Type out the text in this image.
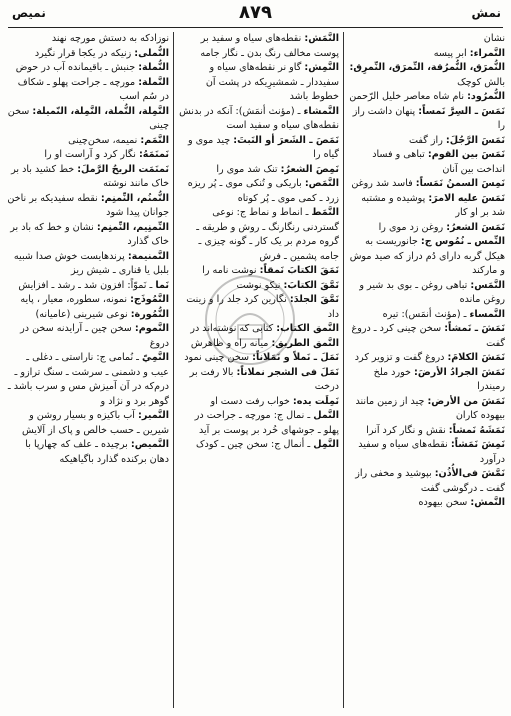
نمش
۸۷۹
نمیص
نشان
النَّمراء: ابر پیسه
النُّمرَق، النُّمرُقة، النِّمرَق، النِّمرِق: بالش کوچک
النُّمرُود: نام شاه معاصر خلیل الرّحمن
نَمَسَ ـ السِرَّ نَمساً: پنهان داشت راز را
نَمَسَ الرَّجُلَ: راز گفت
نَمَسَ بين القوم: تباهی و فساد انداخت بین آنان
نَمِسَ السمنُ نَمَساً: فاسد شد روغن
نَمَسَ عليه الامرَ: پوشیده و مشتبه شد بر او کار
نَمَسَ الشعرُ: روغن زد موی را
النِّمس ـ نُمُوس ج: جانوریست به هیکل گربه دارای دُم دراز که صید موش و مارکند
النَّمَس: تباهی روغن ـ بوی بد شیر و روغن مانده
النَّمساء ـ (مؤنث أنمَس): تیره
نَمَشَ ـ نَمشاً: سخن چینی کرد ـ دروغ گفت
نَمَشَ الكلامَ: دروغ گفت و تزویر کرد
نَمَشَ الجرادُ الأرضَ: خورد ملخ رمیندرا
نَمَشَ من الأرض: چید از زمین مانند بیهوده کاران
نَمَشَهُ نَمشاً: نقش و نگار کرد آنرا
نَمِشَ نَمَشاً: نقطه‌های سیاه و سفید درآورد
نَمَّشَ فی‌الأُذُن: بپوشید و مخفی راز گفت ـ درگوشی گفت
النَّمش: سخن بیهوده
النَّمَش: نقطه‌های سیاه و سفید بر پوست مخالف رنگ بدن ـ نگار جامه
النَّمِش: گاو نر نقطه‌های سیاه و سفیددار ـ شمشیرِیکه در پشت آن خطوط باشد
النَّمشاء ـ (مؤنث أنمَش): آنکه در بدنش نقطه‌های سیاه و سفید است
نَمَصَ ـ الشَعرَ أو النَبتَ: چید موی و گیاه را
نَمِصَ الشعرُ: تنک شد موی را
النَّمَص: باریکی و تُنکی موی ـ پُر ریزه زرد ـ کمی موی ـ پُر کوتاه
النَّمَط ـ انماط و نماط ج: نوعی گستردنی رنگارنگ ـ روش و طریقه ـ گروه مردم بر یک کار ـ گونه چیزی ـ جامه پشمین ـ فرش
نَمَقَ الكتابَ نَمقاً: نوشت نامه را
نَمَّقَ الكتابَ: نیکو نوشت
نَمَّقَ الجلدَ: نگارین کرد جلد را و زینت داد
النَّمق الكتاب: کتابی که نوشته‌اند در
النَّمق الطريق: میانه راه و ظاهرش
نَمَلَ ـ نَملاً و نَمَلاناً: سخن چینی نمود
نَمَلَ فی الشجر نملاناً: بالا رفت بر درخت
نَمِلَت يده: خواب رفت دست او
النَّمل ـ نمال ج: مورچه ـ جراحت در پهلو ـ جوشهای خُرد بر پوست بر آید
النَّمِل ـ أنمال ج: سخن چین ـ کودک
نوزادکه به دستش مورچه نهند
النُّملى: زنیکه در یکجا قرار نگیرد
النُّملة: جنبش ـ باقیمانده آب در حوض
النَّملة: مورچه ـ جراحت پهلو ـ شکاف در سُم اسب
النَّمِلة، النُّملة، النَّمِلة، النّميلة: سخن چینی
النَّمَم: نمیمه، سخن‌چینی
نَمنَمَهُ: نگار کرد و آراست او را
نَمنَمَت الريحُ الرَّملَ: خط کشید باد بر خاک مانند نوشته
النُّمنُم، النِّمنِم: نقطه سفیدیکه بر ناخن جوانان پیدا شود
النِّمنِيم، النِّمنِم: نشان و خط که باد بر خاک گذارد
النَّمنيمة: پرندهایست خوش صدا شبیه بلبل یا قناری ـ شیش ریز
نَما ـ نَموّاً: افزون شد ـ رشد ـ افزایش
النَّمُوذَج: نمونه، سطوره، معیار ، پایه
النُّمُورة: نوعی شیرینی (عامیانه)
النَّموم: سخن چین ـ آرایدنه سخن در دروغ
النَّمِيّ ـ نُمامی ج: ناراستی ـ دغلی ـ عیب و دشمنی ـ سرشت ـ سنگ ترازو ـ درم‌که در آن آمیزش مس و سرب باشد ـ گوهر برد و نژاد و
النَّمير: آب باکیزه و بسیار روشن و شیرین ـ حسب خالص و پاک از آلایش
النَّميص: برچیده ـ علف که چهارپا با دهان برکنده گذارد باگیاهیکه
